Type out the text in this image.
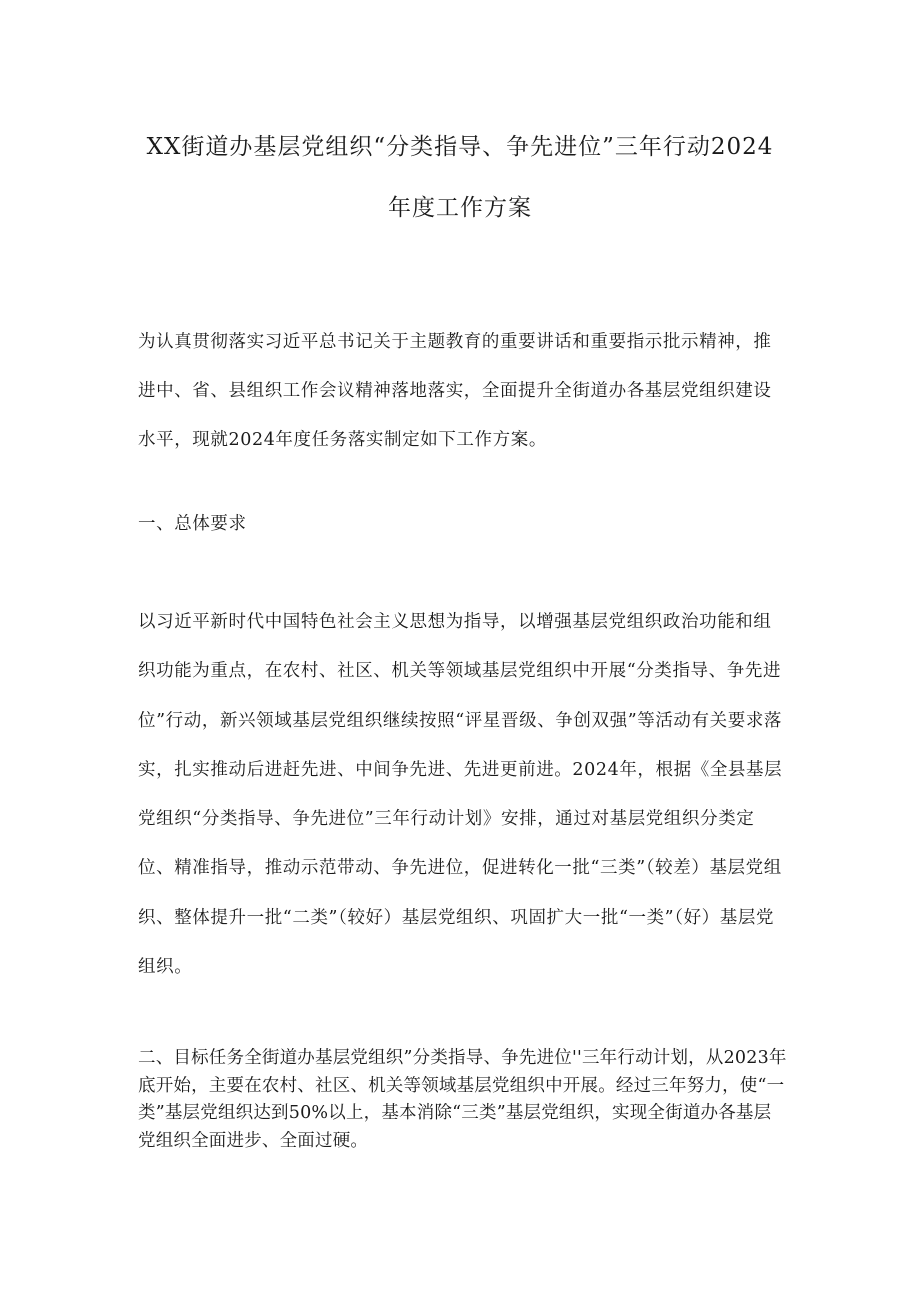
XX街道办基层党组织“分类指导、争先进位”三年行动2024
年度工作方案

为认真贯彻落实习近平总书记关于主题教育的重要讲话和重要指示批示精神，推进中、省、县组织工作会议精神落地落实，全面提升全街道办各基层党组织建设水平，现就2024年度任务落实制定如下工作方案。

一、总体要求

以习近平新时代中国特色社会主义思想为指导，以增强基层党组织政治功能和组织功能为重点，在农村、社区、机关等领域基层党组织中开展“分类指导、争先进位”行动，新兴领域基层党组织继续按照“评星晋级、争创双强”等活动有关要求落实，扎实推动后进赶先进、中间争先进、先进更前进。2024年，根据《全县基层党组织“分类指导、争先进位”三年行动计划》安排，通过对基层党组织分类定位、精准指导，推动示范带动、争先进位，促进转化一批“三类”（较差）基层党组织、整体提升一批“二类”（较好）基层党组织、巩固扩大一批“一类”（好）基层党组织。

二、目标任务全街道办基层党组织”分类指导、争先进位''三年行动计划，从2023年底开始，主要在农村、社区、机关等领域基层党组织中开展。经过三年努力，使“一类”基层党组织达到50%以上，基本消除“三类”基层党组织，实现全街道办各基层党组织全面进步、全面过硬。
